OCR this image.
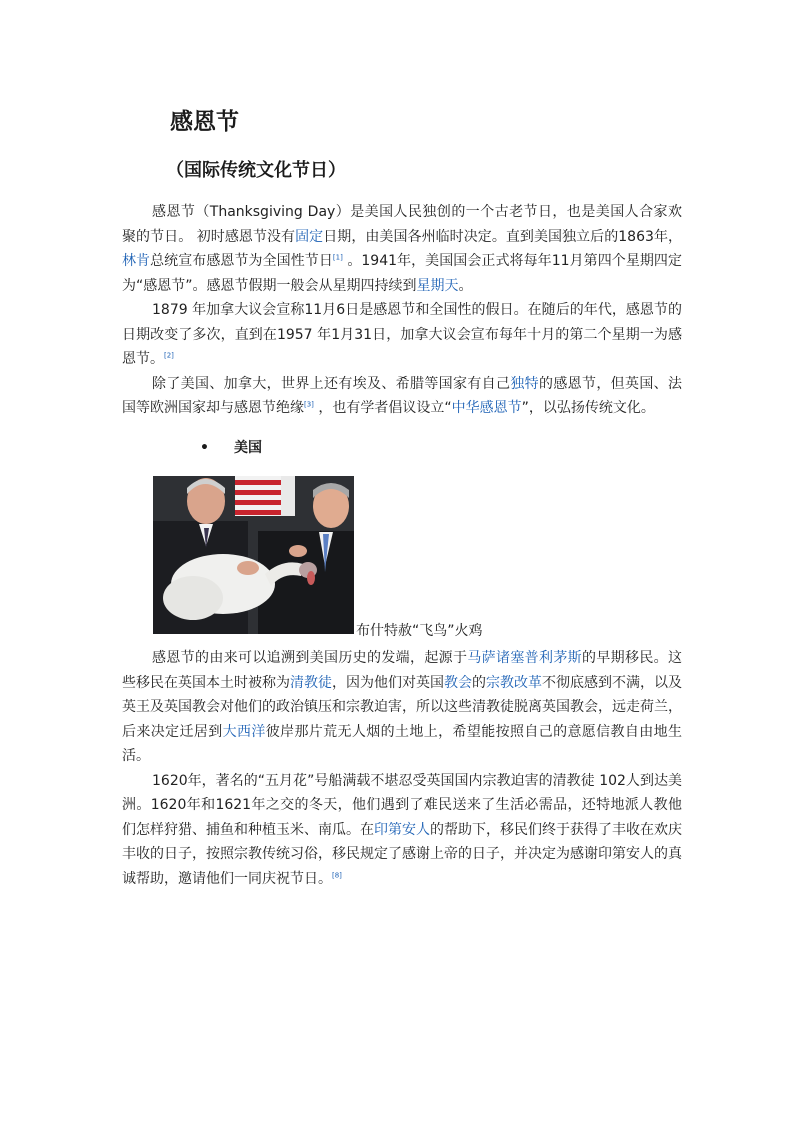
感恩节
（国际传统文化节日）

感恩节（Thanksgiving Day）是美国人民独创的一个古老节日，也是美国人合家欢聚的节日。 初时感恩节没有固定日期，由美国各州临时决定。直到美国独立后的1863年，林肯总统宣布感恩节为全国性节日[1] 。1941年，美国国会正式将每年11月第四个星期四定为“感恩节”。感恩节假期一般会从星期四持续到星期天。

1879 年加拿大议会宣称11月6日是感恩节和全国性的假日。在随后的年代，感恩节的日期改变了多次，直到在1957 年1月31日，加拿大议会宣布每年十月的第二个星期一为感恩节。[2]

除了美国、加拿大，世界上还有埃及、希腊等国家有自己独特的感恩节，但英国、法国等欧洲国家却与感恩节绝缘[3] ，也有学者倡议设立“中华感恩节”，以弘扬传统文化。

• 美国
布什特赦“飞鸟”火鸡

感恩节的由来可以追溯到美国历史的发端，起源于马萨诸塞普利茅斯的早期移民。这些移民在英国本土时被称为清教徒，因为他们对英国教会的宗教改革不彻底感到不满，以及英王及英国教会对他们的政治镇压和宗教迫害，所以这些清教徒脱离英国教会，远走荷兰，后来决定迁居到大西洋彼岸那片荒无人烟的土地上，希望能按照自己的意愿信教自由地生活。

1620年，著名的“五月花”号船满载不堪忍受英国国内宗教迫害的清教徒 102人到达美洲。1620年和1621年之交的冬天，他们遇到了难民送来了生活必需品，还特地派人教他们怎样狩猎、捕鱼和种植玉米、南瓜。在印第安人的帮助下，移民们终于获得了丰收在欢庆丰收的日子，按照宗教传统习俗，移民规定了感谢上帝的日子，并决定为感谢印第安人的真诚帮助，邀请他们一同庆祝节日。[8]
